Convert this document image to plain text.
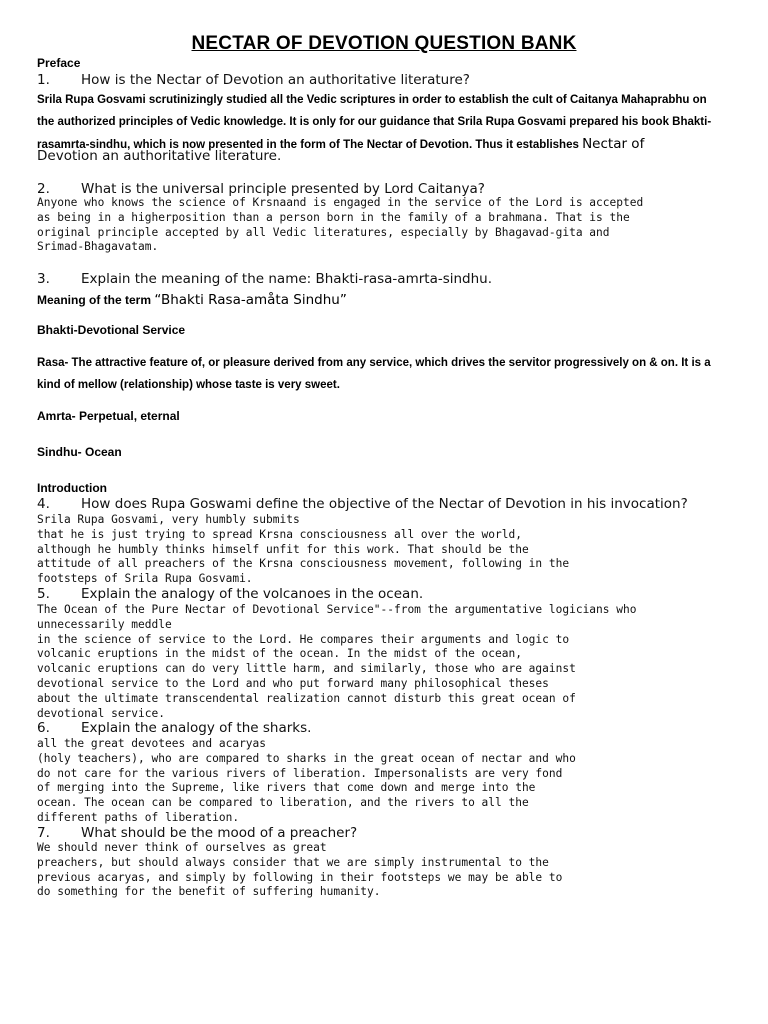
NECTAR OF DEVOTION QUESTION BANK
Preface
1. How is the Nectar of Devotion an authoritative literature?
Srila Rupa Gosvami scrutinizingly studied all the Vedic scriptures in order to establish the cult of Caitanya Mahaprabhu on the authorized principles of Vedic knowledge. It is only for our guidance that Srila Rupa Gosvami prepared his book Bhakti-rasamrta-sindhu, which is now presented in the form of The Nectar of Devotion. Thus it establishes Nectar of
Devotion an authoritative literature.
2. What is the universal principle presented by Lord Caitanya?
Anyone who knows the science of Krsnaand is engaged in the service of the Lord is accepted
as being in a higherposition than a person born in the family of a brahmana. That is the
original principle accepted by all Vedic literatures, especially by Bhagavad-gita and
Srimad-Bhagavatam.
3. Explain the meaning of the name: Bhakti-rasa-amrta-sindhu.
Meaning of the term “Bhakti Rasa-amåta Sindhu”
Bhakti-Devotional Service
Rasa- The attractive feature of, or pleasure derived from any service, which drives the servitor progressively on & on. It is a kind of mellow (relationship) whose taste is very sweet.
Amrta- Perpetual, eternal
Sindhu- Ocean
Introduction
4. How does Rupa Goswami define the objective of the Nectar of Devotion in his invocation?
Srila Rupa Gosvami, very humbly submits
that he is just trying to spread Krsna consciousness all over the world,
although he humbly thinks himself unfit for this work. That should be the
attitude of all preachers of the Krsna consciousness movement, following in the
footsteps of Srila Rupa Gosvami.
5. Explain the analogy of the volcanoes in the ocean.
The Ocean of the Pure Nectar of Devotional Service"--from the argumentative logicians who
unnecessarily meddle
in the science of service to the Lord. He compares their arguments and logic to
volcanic eruptions in the midst of the ocean. In the midst of the ocean,
volcanic eruptions can do very little harm, and similarly, those who are against
devotional service to the Lord and who put forward many philosophical theses
about the ultimate transcendental realization cannot disturb this great ocean of
devotional service.
6. Explain the analogy of the sharks.
all the great devotees and acaryas
(holy teachers), who are compared to sharks in the great ocean of nectar and who
do not care for the various rivers of liberation. Impersonalists are very fond
of merging into the Supreme, like rivers that come down and merge into the
ocean. The ocean can be compared to liberation, and the rivers to all the
different paths of liberation.
7. What should be the mood of a preacher?
We should never think of ourselves as great
preachers, but should always consider that we are simply instrumental to the
previous acaryas, and simply by following in their footsteps we may be able to
do something for the benefit of suffering humanity.
